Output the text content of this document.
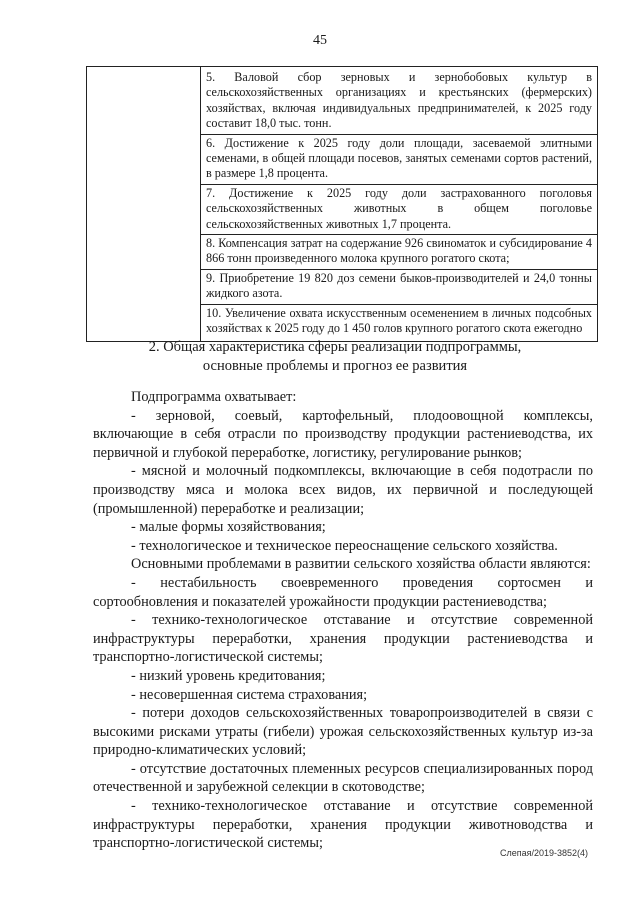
45
5. Валовой сбор зерновых и зернобобовых культур в сельскохозяйственных организациях и крестьянских (фермерских) хозяйствах, включая индивидуальных предпринимателей, к 2025 году составит 18,0 тыс. тонн.
6. Достижение к 2025 году доли площади, засеваемой элитными семенами, в общей площади посевов, занятых семенами сортов растений, в размере 1,8 процента.
7. Достижение к 2025 году доли застрахованного поголовья сельскохозяйственных животных в общем поголовье сельскохозяйственных животных 1,7 процента.
8. Компенсация затрат на содержание 926 свиноматок и субсидирование 4 866 тонн произведенного молока крупного рогатого скота;
9. Приобретение 19 820 доз семени быков-производителей и 24,0 тонны жидкого азота.
10. Увеличение охвата искусственным осеменением в личных подсобных хозяйствах к 2025 году до 1 450 голов крупного рогатого скота ежегодно
2. Общая характеристика сферы реализации подпрограммы,
основные проблемы и прогноз ее развития

Подпрограмма охватывает:

- зерновой, соевый, картофельный, плодоовощной комплексы, включающие в себя отрасли по производству продукции растениеводства, их первичной и глубокой переработке, логистику, регулирование рынков;

- мясной и молочный подкомплексы, включающие в себя подотрасли по производству мяса и молока всех видов, их первичной и последующей (промышленной) переработке и реализации;

- малые формы хозяйствования;

- технологическое и техническое переоснащение сельского хозяйства.

Основными проблемами в развитии сельского хозяйства области являются:

- нестабильность своевременного проведения сортосмен и сортообновления и показателей урожайности продукции растениеводства;

- технико-технологическое отставание и отсутствие современной инфраструктуры переработки, хранения продукции растениеводства и транспортно-логистической системы;

- низкий уровень кредитования;

- несовершенная система страхования;

- потери доходов сельскохозяйственных товаропроизводителей в связи с высокими рисками утраты (гибели) урожая сельскохозяйственных культур из-за природно-климатических условий;

- отсутствие достаточных племенных ресурсов специализированных пород отечественной и зарубежной селекции в скотоводстве;

- технико-технологическое отставание и отсутствие современной инфраструктуры переработки, хранения продукции животноводства и транспортно-логистической системы;

Слепая/2019-3852(4)
